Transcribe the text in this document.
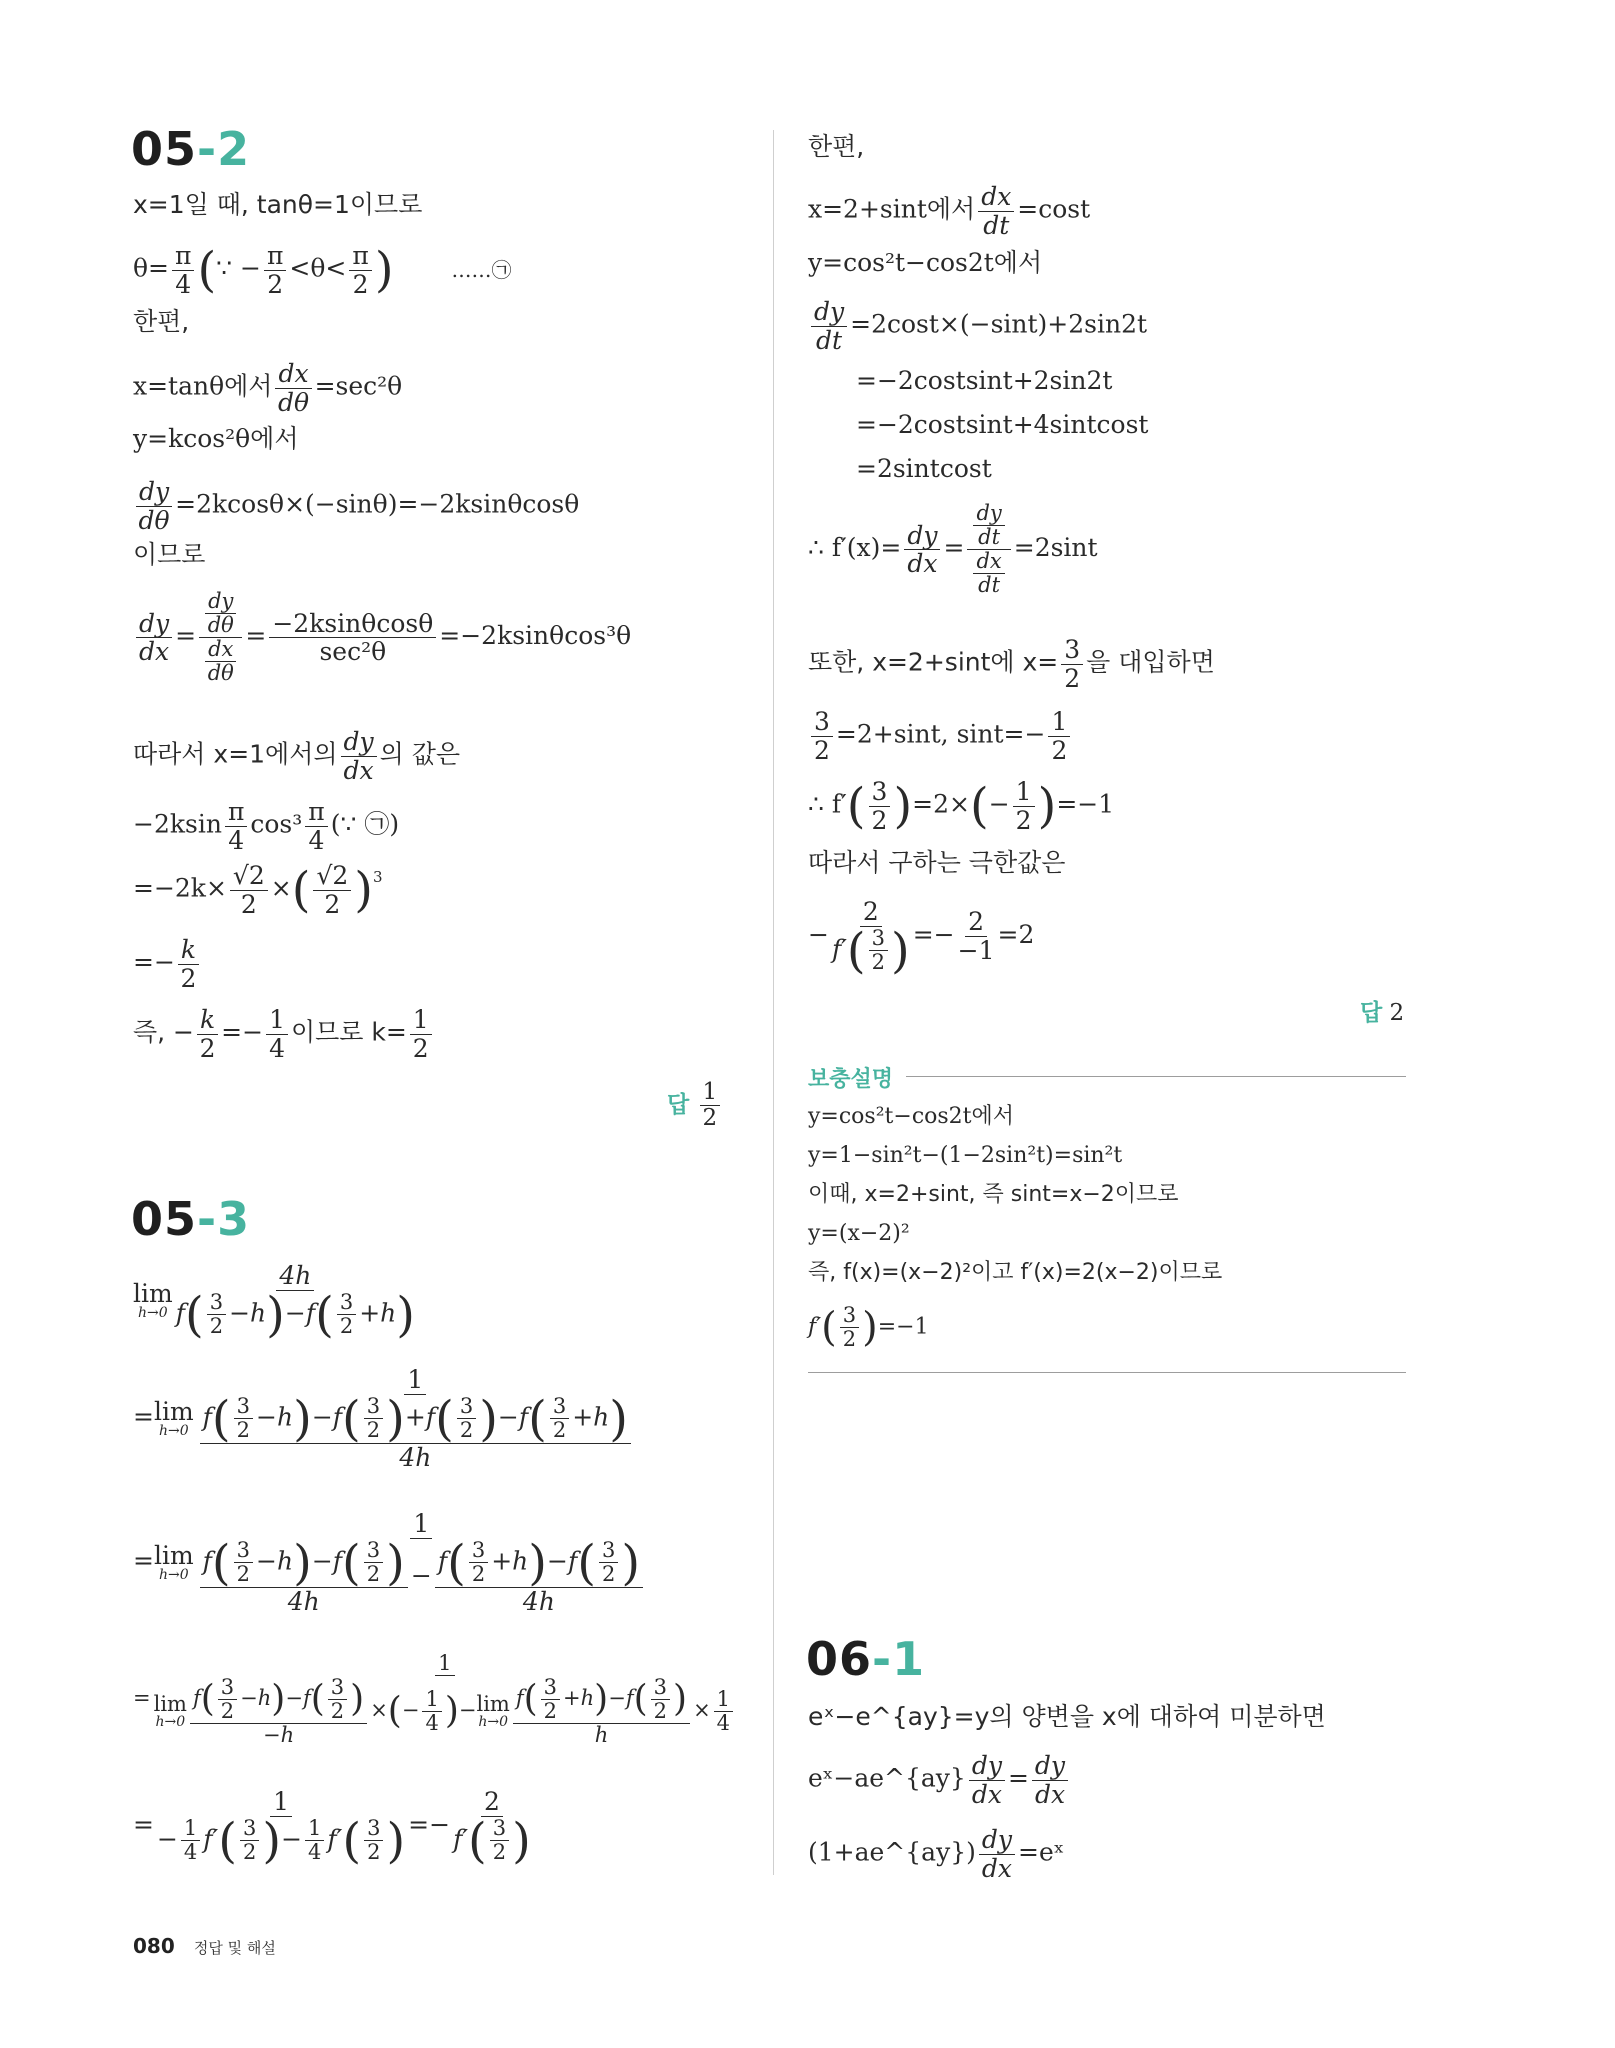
05-2
x=1일 때, tanθ=1이므로
$\theta= \frac{\pi}{4}$ (∵ − $\frac{\pi}{2} <\theta< \frac{\pi}{2}$ )	……㉠
한편,
x=tanθ에서 $\frac{dx}{d\theta} =\sec^2\theta$
y=kcos²θ에서
$\frac{dy}{d\theta} =2kcos\theta\times(-\sin\theta)=-2ksin\theta\cos\theta$
이므로
$\frac{dy}{dx} = \frac{dy}{d\theta}$
$\frac{dx}{d\theta}$
= −2ksinθcosθ
sec²θ
=−2ksinθcos³θ
따라서 x=1에서의 $\frac{dy}{dx}$ 의 값은
$-2ksin \frac{\pi}{4} \cos^3 \frac{\pi}{4}$ (∵ ㉠)
$=-2k\times \frac{√2}{2}$ ×( $\frac{√2}{2} )^3$
=− $\frac{k}{2}$
즉, − $\frac{k}{2} =- \frac{1}{4}$ 이므로 $k= \frac{1}{2}$
답 $\frac{1}{2}$
05-3
lim
$h\to 0 \frac{4h}{f( \frac{3}{2} -h)-f( \frac{3}{2} +h)}$
= lim
$h\to 0 \frac{1}{\frac{f( \frac{3}{2} -h)-f( \frac{3}{2} )+f( \frac{3}{2} )-f( \frac{3}{2} +h)}{4h}}$
= lim
$h\to 0 \frac{1}{\frac{f( \frac{3}{2} -h)-f( \frac{3}{2} )}{4h} - \frac{f( \frac{3}{2} +h)-f( \frac{3}{2} )}{4h}}$
= 1
lim
$h\to 0 \frac{f( \frac{3}{2} -h)-f( \frac{3}{2} )}{-h}$ ×(− $\frac{1}{4}$ )− lim
$h\to 0 \frac{f( \frac{3}{2} +h)-f( \frac{3}{2} )}{h} \times \frac{1}{4}$
= $\frac{1}{- \frac{1}{4} f'( \frac{3}{2} )- \frac{1}{4} f'( \frac{3}{2} )} =- \frac{2}{f'( \frac{3}{2} )}$
한편,
x=2+sint에서 $\frac{dx}{dt} =\cos t$
y=cos²t−cos2t에서
$\frac{dy}{dt} =2\cos t\times(-\sin t)+2\sin 2t$
=−2costsint+2sin2t
=−2costsint+4sintcost
=2sintcost
∴ $f'(x)= \frac{dy}{dx} = \frac{dy}{dt}$
$\frac{dx}{dt}$
=2sint
또한, x=2+sint에 $x= \frac{3}{2}$ 을 대입하면
$\frac{3}{2} =2+\sin t$, $\sin t=- \frac{1}{2}$
∴ $f'( \frac{3}{2} )=2\times(- \frac{1}{2} )=-1$
따라서 구하는 극한값은
− $\frac{2}{f'( \frac{3}{2} )} =- \frac{2}{-1} =2$
답 2
보충설명
y=cos²t−cos2t에서
y=1−sin²t−(1−2sin²t)=sin²t
이때, x=2+sint, 즉 sint=x−2이므로
y=(x−2)²
즉, f(x)=(x−2)²이고 f′(x)=2(x−2)이므로
$f'( \frac{3}{2} )=-1$
06-1
eˣ−e^{ay}=y의 양변을 x에 대하여 미분하면
eˣ−ae^{ay} $\frac{dy}{dx} = \frac{dy}{dx}$
(1+ae^{ay}) $\frac{dy}{dx}$ =eˣ
080 정답 및 해설
